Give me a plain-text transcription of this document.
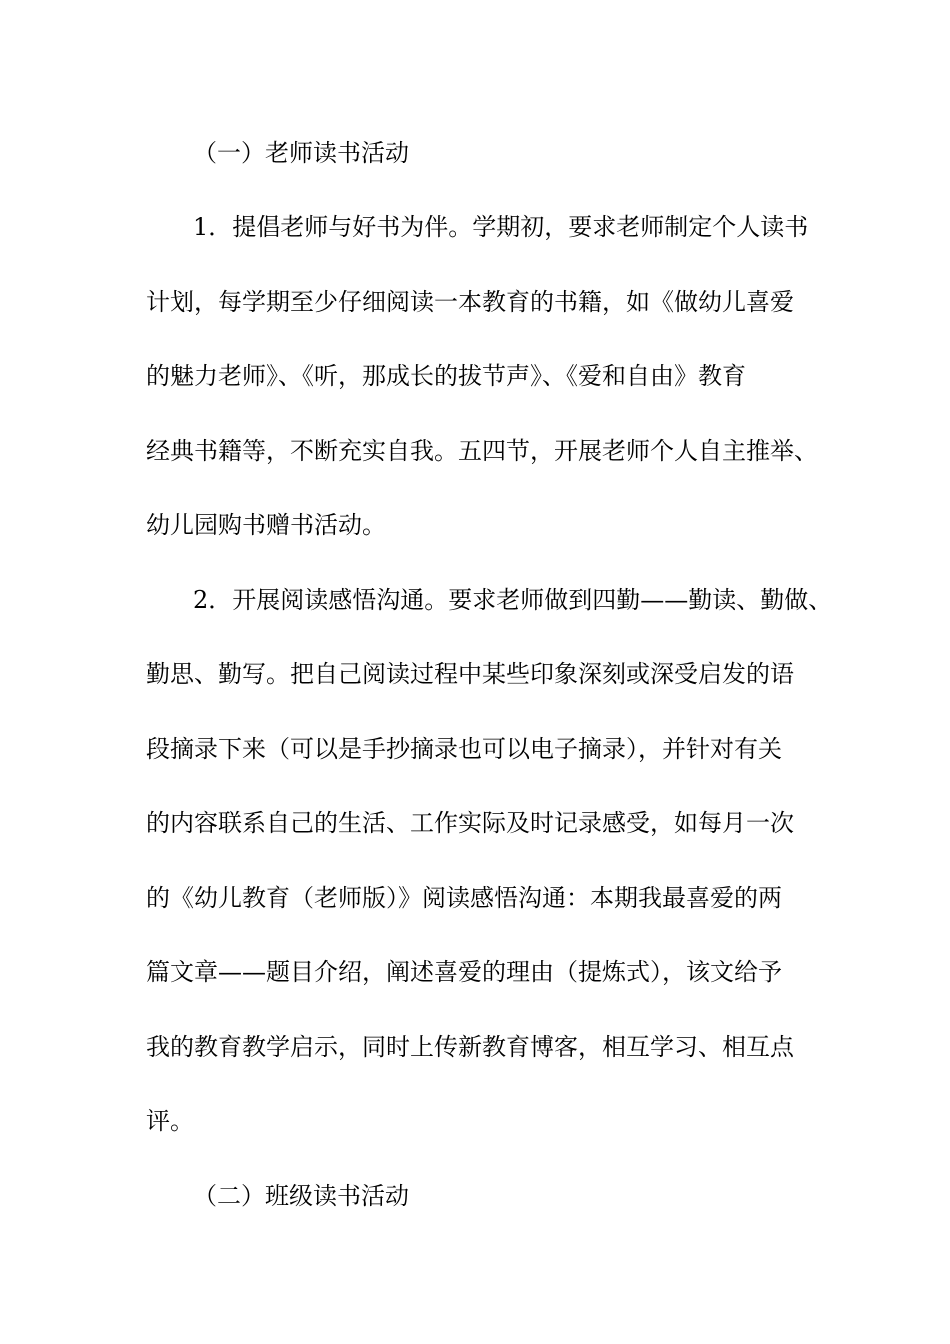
（一）老师读书活动

1．提倡老师与好书为伴。学期初，要求老师制定个人读书

计划，每学期至少仔细阅读一本教育的书籍，如《做幼儿喜爱

的魅力老师》、《听，那成长的拔节声》、《爱和自由》教育

经典书籍等，不断充实自我。五四节，开展老师个人自主推举、

幼儿园购书赠书活动。

2．开展阅读感悟沟通。要求老师做到四勤——勤读、勤做、

勤思、勤写。把自己阅读过程中某些印象深刻或深受启发的语

段摘录下来（可以是手抄摘录也可以电子摘录），并针对有关

的内容联系自己的生活、工作实际及时记录感受，如每月一次

的《幼儿教育（老师版）》阅读感悟沟通：本期我最喜爱的两

篇文章——题目介绍，阐述喜爱的理由（提炼式），该文给予

我的教育教学启示，同时上传新教育博客，相互学习、相互点

评。

（二）班级读书活动
